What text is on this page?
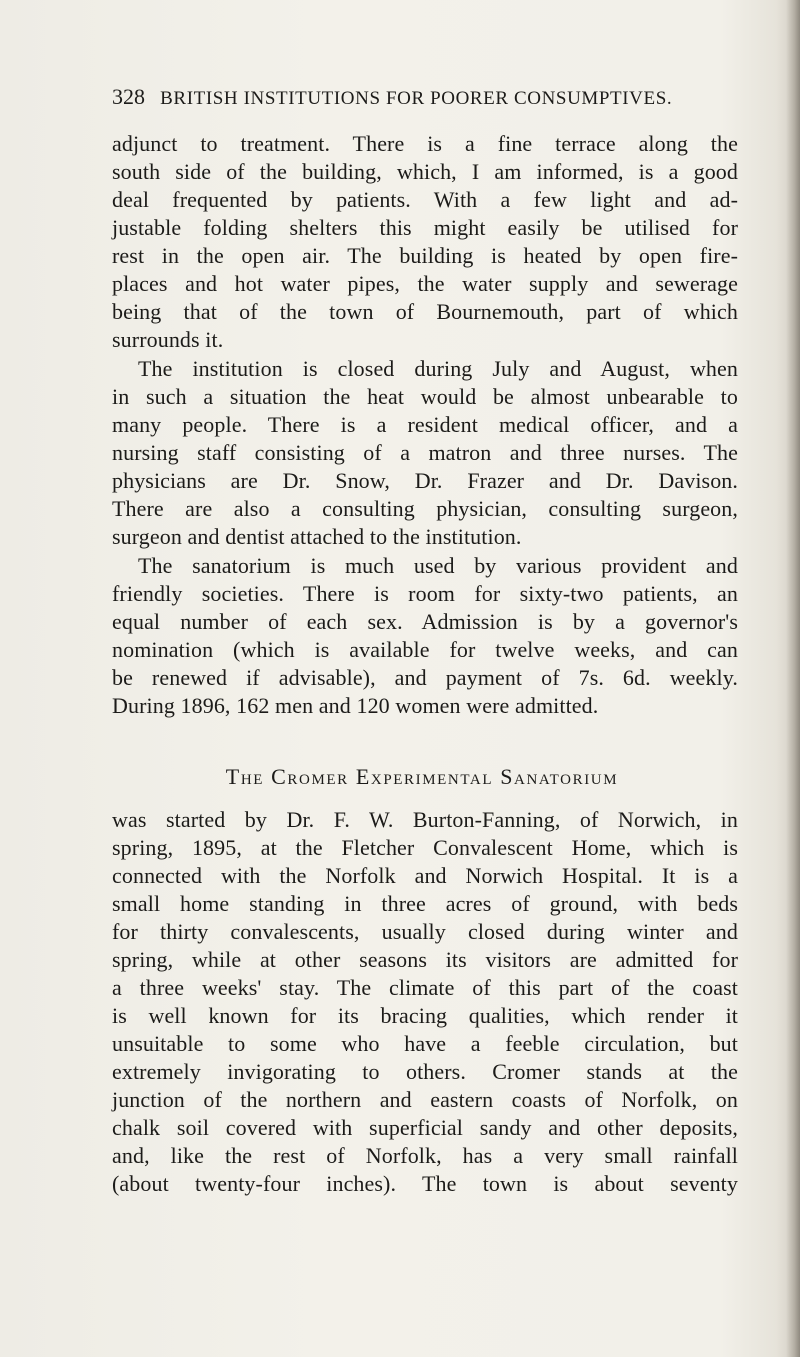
328 BRITISH INSTITUTIONS FOR POORER CONSUMPTIVES.
adjunct to treatment. There is a fine terrace along the
south side of the building, which, I am informed, is a good
deal frequented by patients. With a few light and ad-
justable folding shelters this might easily be utilised for
rest in the open air. The building is heated by open fire-
places and hot water pipes, the water supply and sewerage
being that of the town of Bournemouth, part of which
surrounds it.
The institution is closed during July and August, when
in such a situation the heat would be almost unbearable to
many people. There is a resident medical officer, and a
nursing staff consisting of a matron and three nurses. The
physicians are Dr. Snow, Dr. Frazer and Dr. Davison.
There are also a consulting physician, consulting surgeon,
surgeon and dentist attached to the institution.
The sanatorium is much used by various provident and
friendly societies. There is room for sixty-two patients, an
equal number of each sex. Admission is by a governor's
nomination (which is available for twelve weeks, and can
be renewed if advisable), and payment of 7s. 6d. weekly.
During 1896, 162 men and 120 women were admitted.
The Cromer Experimental Sanatorium
was started by Dr. F. W. Burton-Fanning, of Norwich, in
spring, 1895, at the Fletcher Convalescent Home, which is
connected with the Norfolk and Norwich Hospital. It is a
small home standing in three acres of ground, with beds
for thirty convalescents, usually closed during winter and
spring, while at other seasons its visitors are admitted for
a three weeks' stay. The climate of this part of the coast
is well known for its bracing qualities, which render it
unsuitable to some who have a feeble circulation, but
extremely invigorating to others. Cromer stands at the
junction of the northern and eastern coasts of Norfolk, on
chalk soil covered with superficial sandy and other deposits,
and, like the rest of Norfolk, has a very small rainfall
(about twenty-four inches). The town is about seventy
